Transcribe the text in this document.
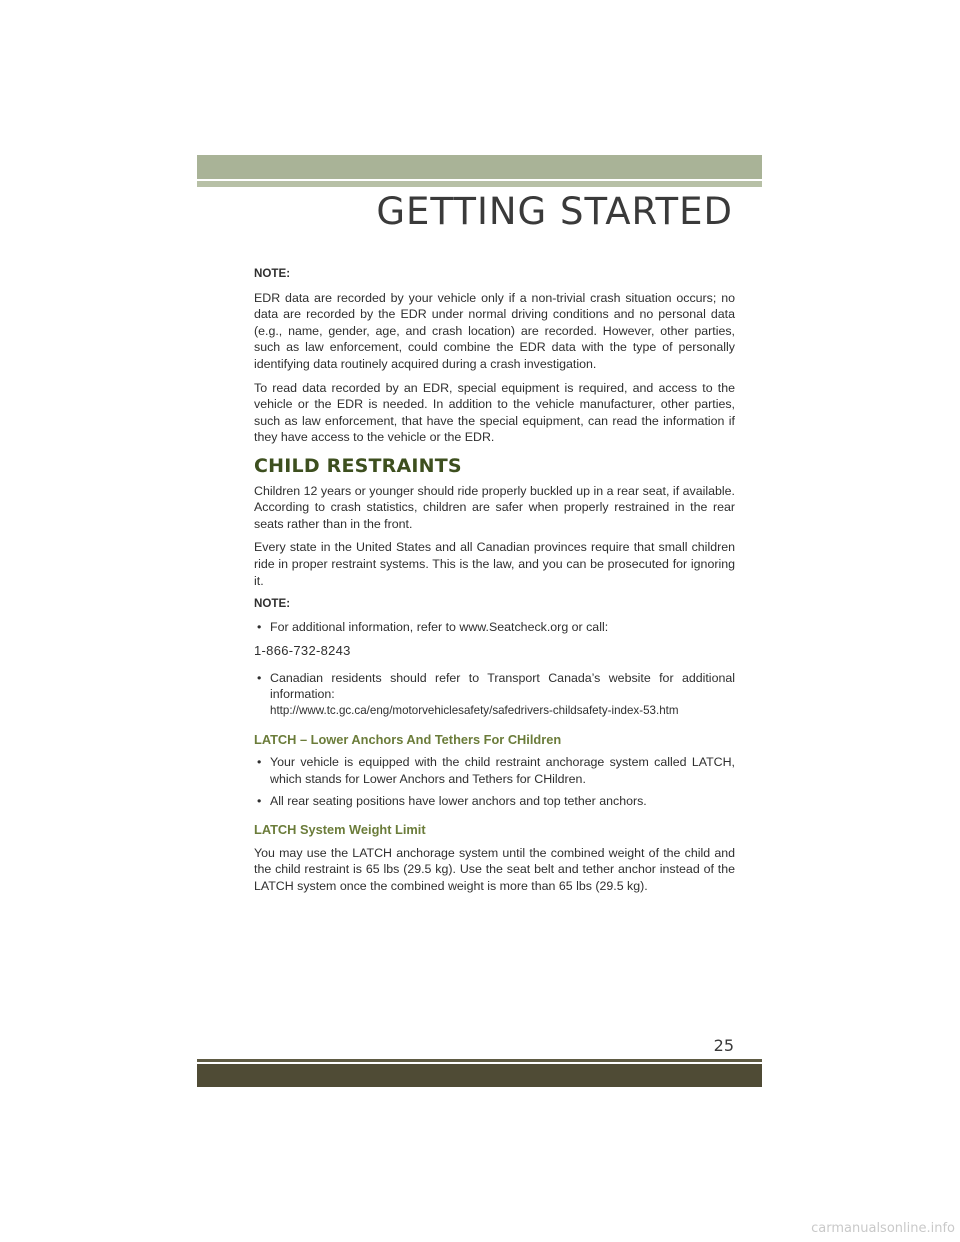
GETTING STARTED

NOTE:

EDR data are recorded by your vehicle only if a non-trivial crash situation occurs; no data are recorded by the EDR under normal driving conditions and no personal data (e.g., name, gender, age, and crash location) are recorded. However, other parties, such as law enforcement, could combine the EDR data with the type of personally identifying data routinely acquired during a crash investigation.

To read data recorded by an EDR, special equipment is required, and access to the vehicle or the EDR is needed. In addition to the vehicle manufacturer, other parties, such as law enforcement, that have the special equipment, can read the information if they have access to the vehicle or the EDR.

CHILD RESTRAINTS

Children 12 years or younger should ride properly buckled up in a rear seat, if available. According to crash statistics, children are safer when properly restrained in the rear seats rather than in the front.

Every state in the United States and all Canadian provinces require that small children ride in proper restraint systems. This is the law, and you can be prosecuted for ignoring it.

NOTE:

• For additional information, refer to www.Seatcheck.org or call:
1-866-732-8243
• Canadian residents should refer to Transport Canada’s website for additional information:
http://www.tc.gc.ca/eng/motorvehiclesafety/safedrivers-childsafety-index-53.htm
LATCH – Lower Anchors And Tethers For CHildren
• Your vehicle is equipped with the child restraint anchorage system called LATCH, which stands for Lower Anchors and Tethers for CHildren.
• All rear seating positions have lower anchors and top tether anchors.
LATCH System Weight Limit

You may use the LATCH anchorage system until the combined weight of the child and the child restraint is 65 lbs (29.5 kg). Use the seat belt and tether anchor instead of the LATCH system once the combined weight is more than 65 lbs (29.5 kg).

25
carmanualsonline.info
